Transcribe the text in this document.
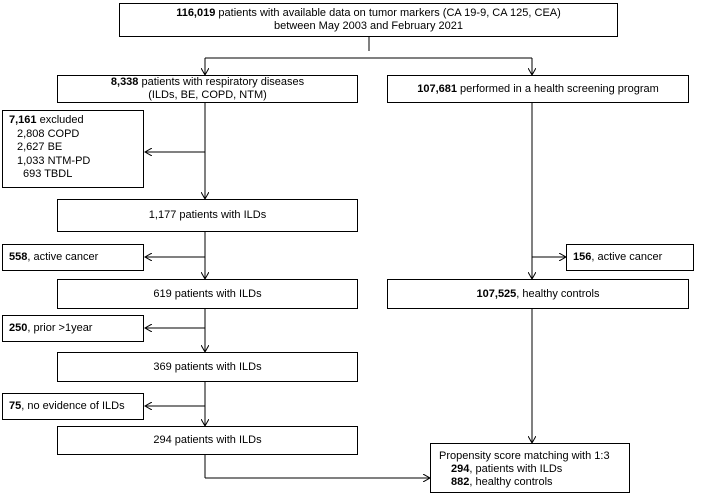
116,019 patients with available data on tumor markers (CA 19-9, CA 125, CEA)
between May 2003 and February 2021
8,338 patients with respiratory diseases
(ILDs, BE, COPD, NTM)
107,681 performed in a health screening program
7,161 excluded
2,808 COPD
2,627 BE
1,033 NTM-PD
693 TBDL
1,177 patients with ILDs
558, active cancer	156, active cancer
619 patients with ILDs	107,525, healthy controls
250, prior >1year
369 patients with ILDs
75, no evidence of ILDs
294 patients with ILDs
Propensity score matching with 1:3
294, patients with ILDs
882, healthy controls
